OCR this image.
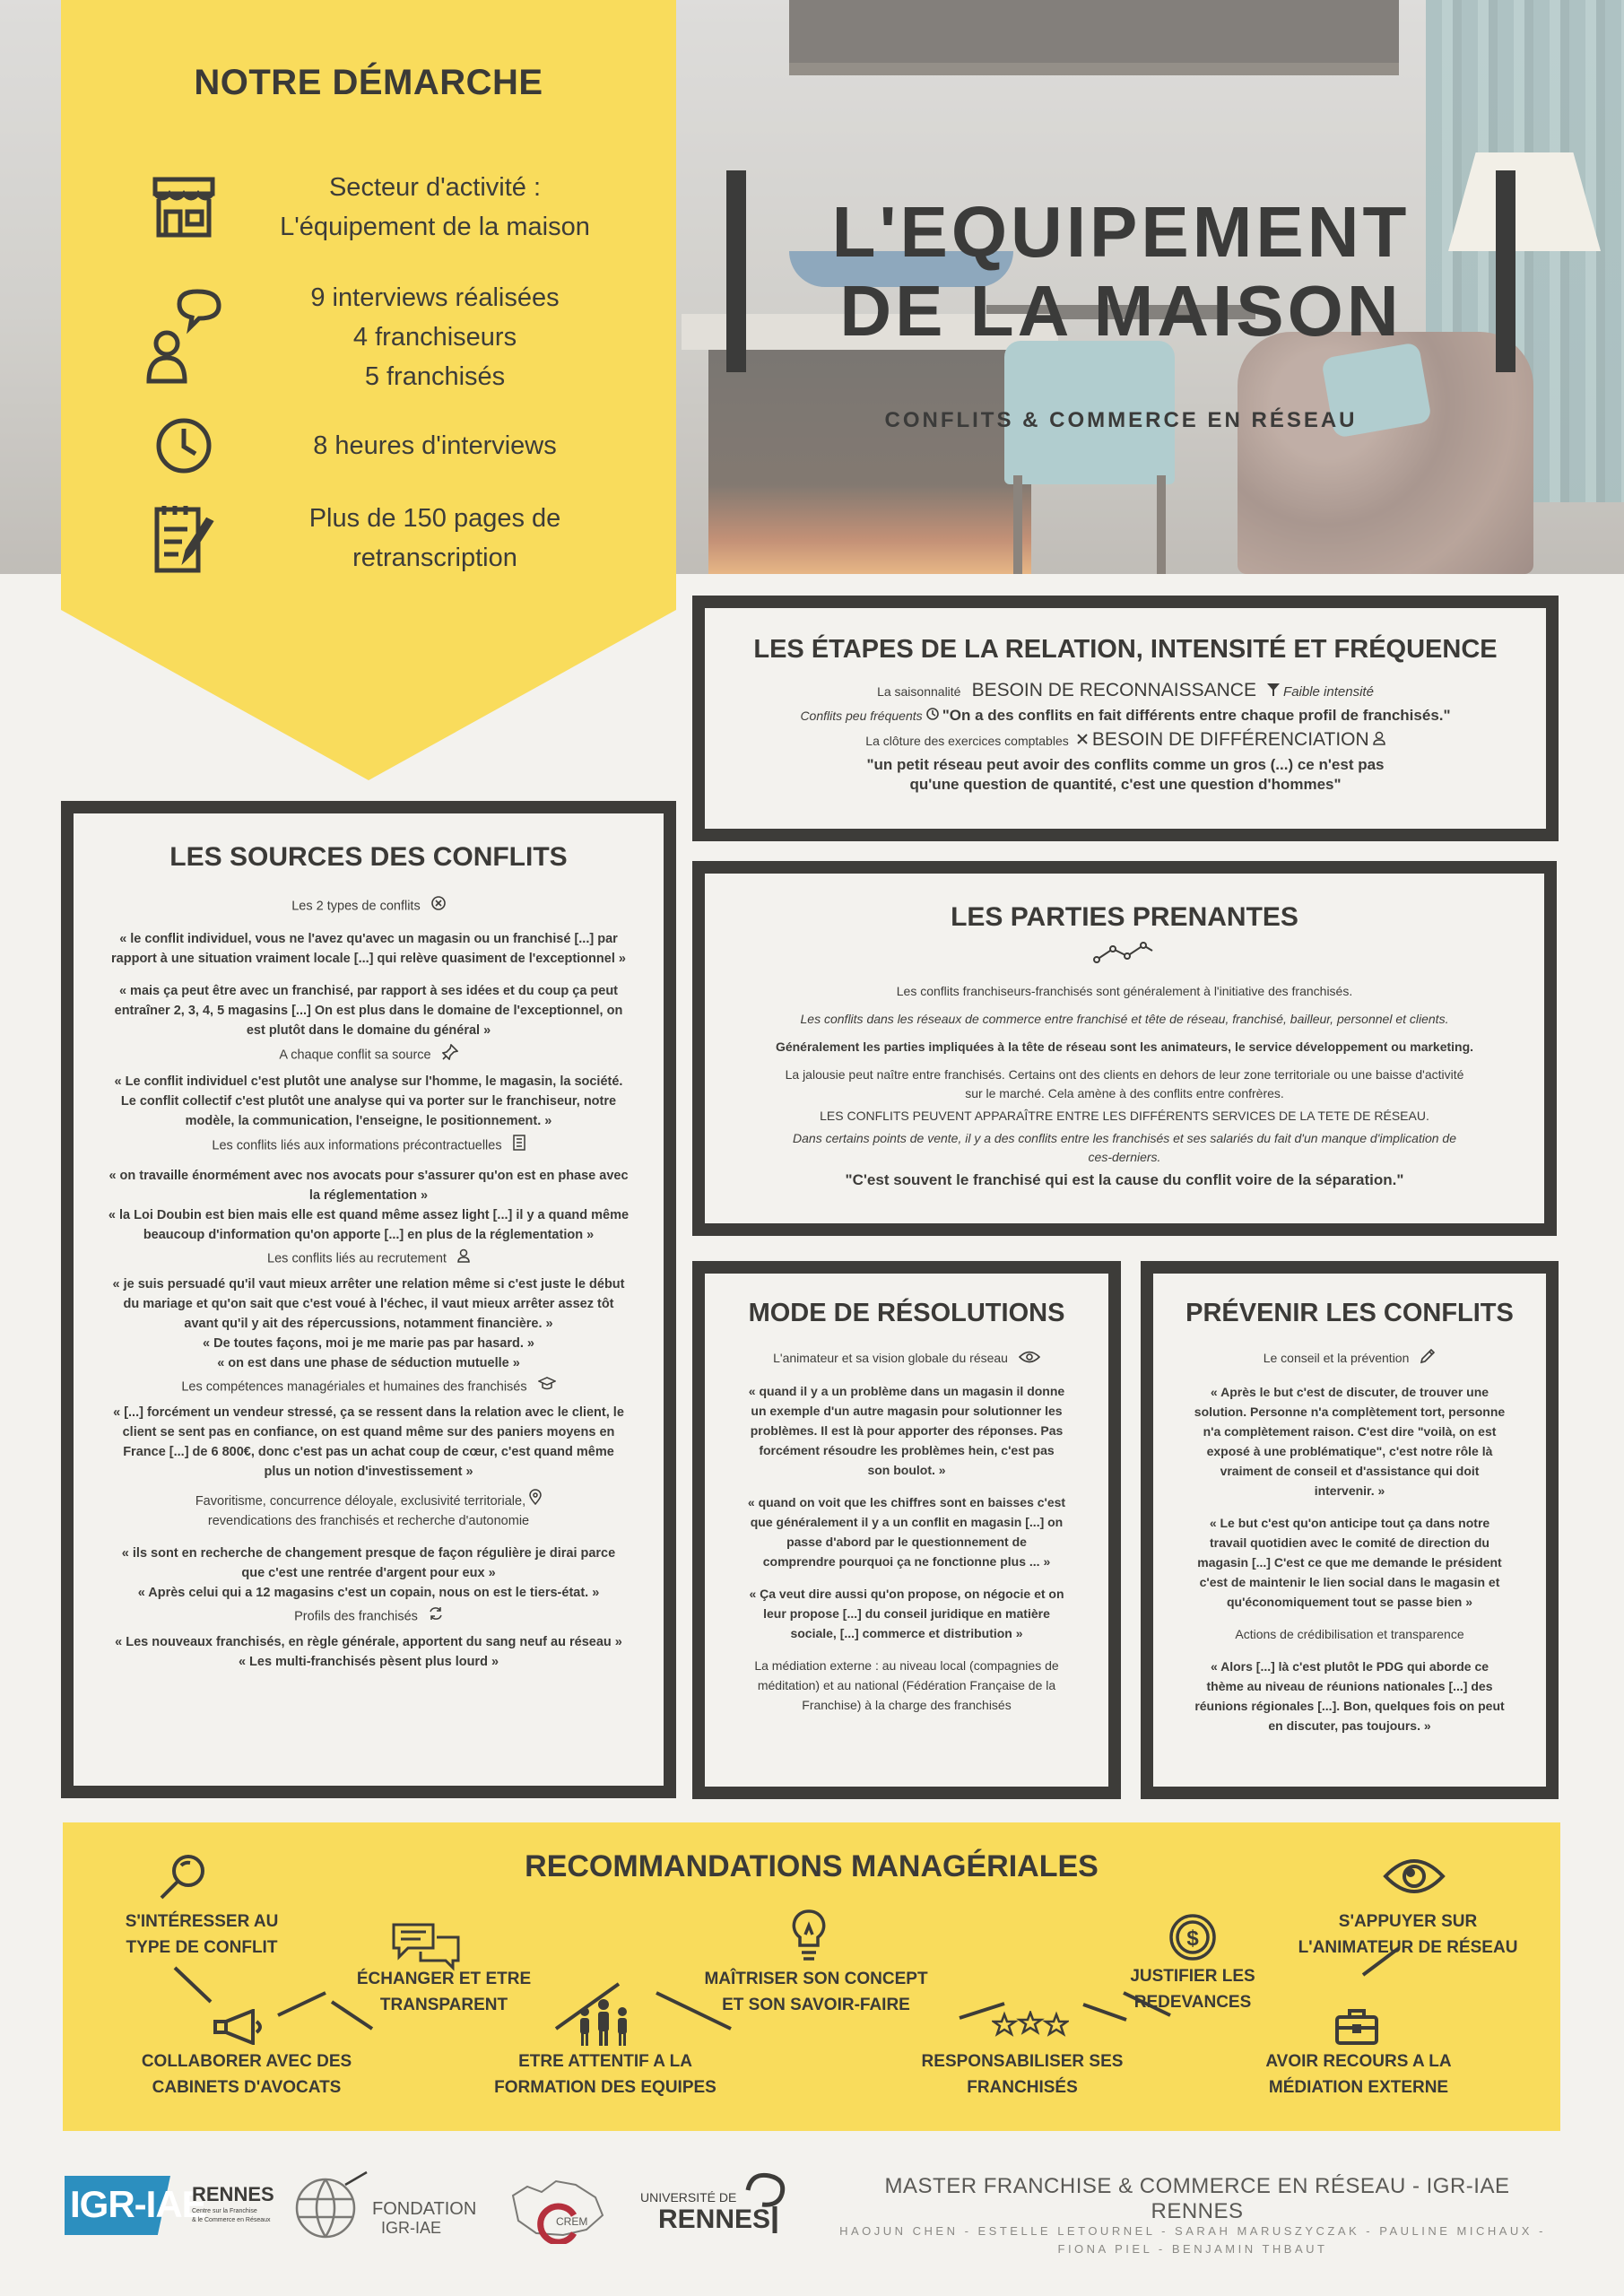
NOTRE DÉMARCHE
Secteur d'activité :
L'équipement de la maison
9 interviews réalisées
4 franchiseurs
5 franchisés
8 heures d'interviews
Plus de 150 pages de
retranscription
L'EQUIPEMENT
DE LA MAISON
CONFLITS & COMMERCE EN RÉSEAU
LES ÉTAPES DE LA RELATION, INTENSITÉ ET FRÉQUENCE
La saisonnalité BESOIN DE RECONNAISSANCE Faible intensité
Conflits peu fréquents "On a des conflits en fait différents entre chaque profil de franchisés."
La clôture des exercices comptables BESOIN DE DIFFÉRENCIATION
"un petit réseau peut avoir des conflits comme un gros (...) ce n'est pas
qu'une question de quantité, c'est une question d'hommes"
LES SOURCES DES CONFLITS
Les 2 types de conflits
« le conflit individuel, vous ne l'avez qu'avec un magasin ou un franchisé [...] par
rapport à une situation vraiment locale [...] qui relève quasiment de l'exceptionnel »
« mais ça peut être avec un franchisé, par rapport à ses idées et du coup ça peut
entraîner 2, 3, 4, 5 magasins [...] On est plus dans le domaine de l'exceptionnel, on
est plutôt dans le domaine du général »
A chaque conflit sa source
« Le conflit individuel c'est plutôt une analyse sur l'homme, le magasin, la société.
Le conflit collectif c'est plutôt une analyse qui va porter sur le franchiseur, notre
modèle, la communication, l'enseigne, le positionnement. »
Les conflits liés aux informations précontractuelles
« on travaille énormément avec nos avocats pour s'assurer qu'on est en phase avec
la réglementation »
« la Loi Doubin est bien mais elle est quand même assez light [...] il y a quand même
beaucoup d'information qu'on apporte [...] en plus de la réglementation »
Les conflits liés au recrutement
« je suis persuadé qu'il vaut mieux arrêter une relation même si c'est juste le début
du mariage et qu'on sait que c'est voué à l'échec, il vaut mieux arrêter assez tôt
avant qu'il y ait des répercussions, notamment financière. »
« De toutes façons, moi je me marie pas par hasard. »
« on est dans une phase de séduction mutuelle »
Les compétences managériales et humaines des franchisés
« [...] forcément un vendeur stressé, ça se ressent dans la relation avec le client, le
client se sent pas en confiance, on est quand même sur des paniers moyens en
France [...] de 6 800€, donc c'est pas un achat coup de cœur, c'est quand même
plus un notion d'investissement »
Favoritisme, concurrence déloyale, exclusivité territoriale,
revendications des franchisés et recherche d'autonomie
« ils sont en recherche de changement presque de façon régulière je dirai parce
que c'est une rentrée d'argent pour eux »
« Après celui qui a 12 magasins c'est un copain, nous on est le tiers-état. »
Profils des franchisés
« Les nouveaux franchisés, en règle générale, apportent du sang neuf au réseau »
« Les multi-franchisés pèsent plus lourd »
LES PARTIES PRENANTES
Les conflits franchiseurs-franchisés sont généralement à l'initiative des franchisés.
Les conflits dans les réseaux de commerce entre franchisé et tête de réseau, franchisé, bailleur, personnel et clients.
Généralement les parties impliquées à la tête de réseau sont les animateurs, le service développement ou marketing.
La jalousie peut naître entre franchisés. Certains ont des clients en dehors de leur zone territoriale ou une baisse d'activité
sur le marché. Cela amène à des conflits entre confrères.
LES CONFLITS PEUVENT APPARAÎTRE ENTRE LES DIFFÉRENTS SERVICES DE LA TETE DE RÉSEAU.
Dans certains points de vente, il y a des conflits entre les franchisés et ses salariés du fait d'un manque d'implication de
ces-derniers.
"C'est souvent le franchisé qui est la cause du conflit voire de la séparation."
MODE DE RÉSOLUTIONS
L'animateur et sa vision globale du réseau
« quand il y a un problème dans un magasin il donne
un exemple d'un autre magasin pour solutionner les
problèmes. Il est là pour apporter des réponses. Pas
forcément résoudre les problèmes hein, c'est pas
son boulot. »
« quand on voit que les chiffres sont en baisses c'est
que généralement il y a un conflit en magasin [...] on
passe d'abord par le questionnement de
comprendre pourquoi ça ne fonctionne plus ... »
« Ça veut dire aussi qu'on propose, on négocie et on
leur propose [...] du conseil juridique en matière
sociale, [...] commerce et distribution »
La médiation externe : au niveau local (compagnies de
méditation) et au national (Fédération Française de la
Franchise) à la charge des franchisés
PRÉVENIR LES CONFLITS
Le conseil et la prévention
« Après le but c'est de discuter, de trouver une
solution. Personne n'a complètement tort, personne
n'a complètement raison. C'est dire "voilà, on est
exposé à une problématique", c'est notre rôle là
vraiment de conseil et d'assistance qui doit
intervenir. »
« Le but c'est qu'on anticipe tout ça dans notre
travail quotidien avec le comité de direction du
magasin [...] C'est ce que me demande le président
c'est de maintenir le lien social dans le magasin et
qu'économiquement tout se passe bien »
Actions de crédibilisation et transparence
« Alors [...] là c'est plutôt le PDG qui aborde ce
thème au niveau de réunions nationales [...] des
réunions régionales [...]. Bon, quelques fois on peut
en discuter, pas toujours. »
RECOMMANDATIONS MANAGÉRIALES
$
S'INTÉRESSER AU
TYPE DE CONFLIT
ÉCHANGER ET ETRE
TRANSPARENT
MAÎTRISER SON CONCEPT
ET SON SAVOIR-FAIRE
JUSTIFIER LES
REDEVANCES
S'APPUYER SUR
L'ANIMATEUR DE RÉSEAU
COLLABORER AVEC DES
CABINETS D'AVOCATS
ETRE ATTENTIF A LA
FORMATION DES EQUIPES
RESPONSABILISER SES
FRANCHISÉS
AVOIR RECOURS A LA
MÉDIATION EXTERNE
IGR-IAE
RENNES
Centre sur la Franchise
& le Commerce en Réseaux
FONDATION
IGR-IAE	CREM
UNIVERSITÉ DE
RENNES
MASTER FRANCHISE & COMMERCE EN RÉSEAU - IGR-IAE RENNES
HAOJUN CHEN - ESTELLE LETOURNEL - SARAH MARUSZYCZAK - PAULINE MICHAUX -
FIONA PIEL - BENJAMIN THBAUT
